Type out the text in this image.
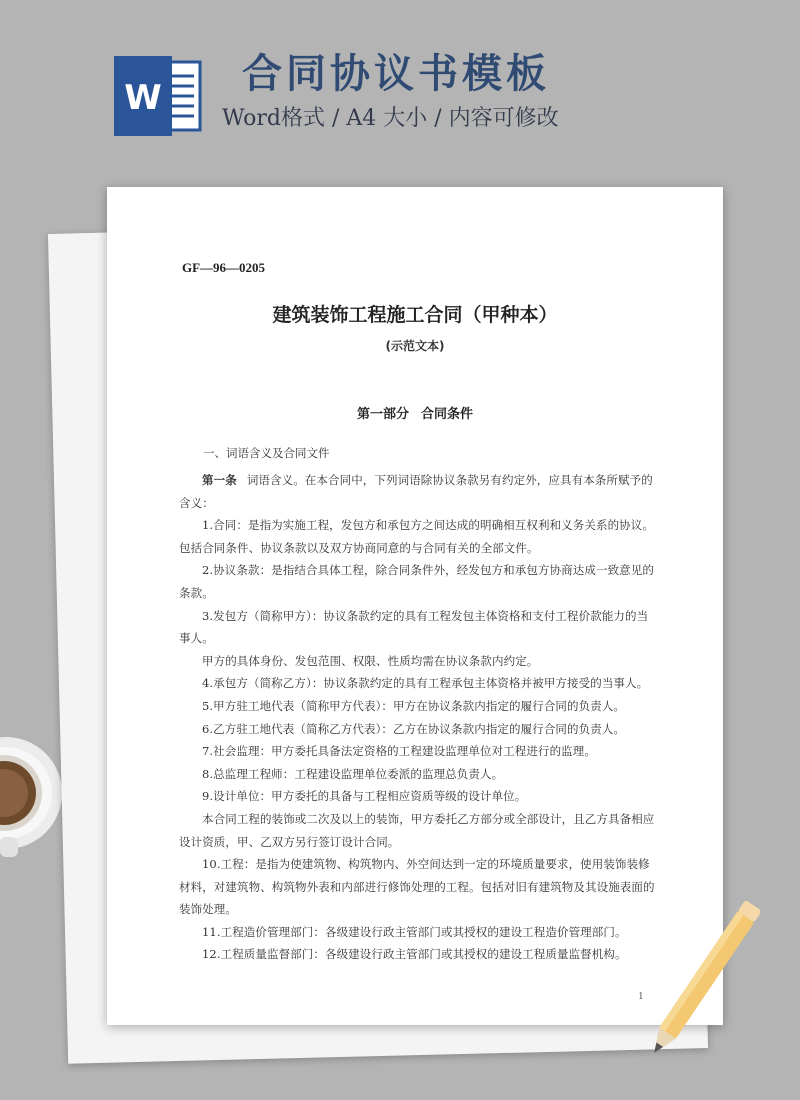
W
合同协议书模板
Word格式 / A4 大小 / 内容可修改
GF—96—0205
建筑装饰工程施工合同（甲种本）
(示范文本)
第一部分 合同条件
一、词语含义及合同文件

第一条 词语含义。在本合同中，下列词语除协议条款另有约定外，应具有本条所赋予的含义：

1.合同：是指为实施工程，发包方和承包方之间达成的明确相互权利和义务关系的协议。包括合同条件、协议条款以及双方协商同意的与合同有关的全部文件。

2.协议条款：是指结合具体工程，除合同条件外，经发包方和承包方协商达成一致意见的条款。

3.发包方（简称甲方）：协议条款约定的具有工程发包主体资格和支付工程价款能力的当事人。

甲方的具体身份、发包范围、权限、性质均需在协议条款内约定。

4.承包方（简称乙方）：协议条款约定的具有工程承包主体资格并被甲方接受的当事人。

5.甲方驻工地代表（简称甲方代表）：甲方在协议条款内指定的履行合同的负责人。

6.乙方驻工地代表（简称乙方代表）：乙方在协议条款内指定的履行合同的负责人。

7.社会监理：甲方委托具备法定资格的工程建设监理单位对工程进行的监理。

8.总监理工程师：工程建设监理单位委派的监理总负责人。

9.设计单位：甲方委托的具备与工程相应资质等级的设计单位。

本合同工程的装饰或二次及以上的装饰，甲方委托乙方部分或全部设计，且乙方具备相应设计资质，甲、乙双方另行签订设计合同。

10.工程：是指为使建筑物、构筑物内、外空间达到一定的环境质量要求，使用装饰装修材料，对建筑物、构筑物外表和内部进行修饰处理的工程。包括对旧有建筑物及其设施表面的装饰处理。

11.工程造价管理部门：各级建设行政主管部门或其授权的建设工程造价管理部门。

12.工程质量监督部门：各级建设行政主管部门或其授权的建设工程质量监督机构。

1
